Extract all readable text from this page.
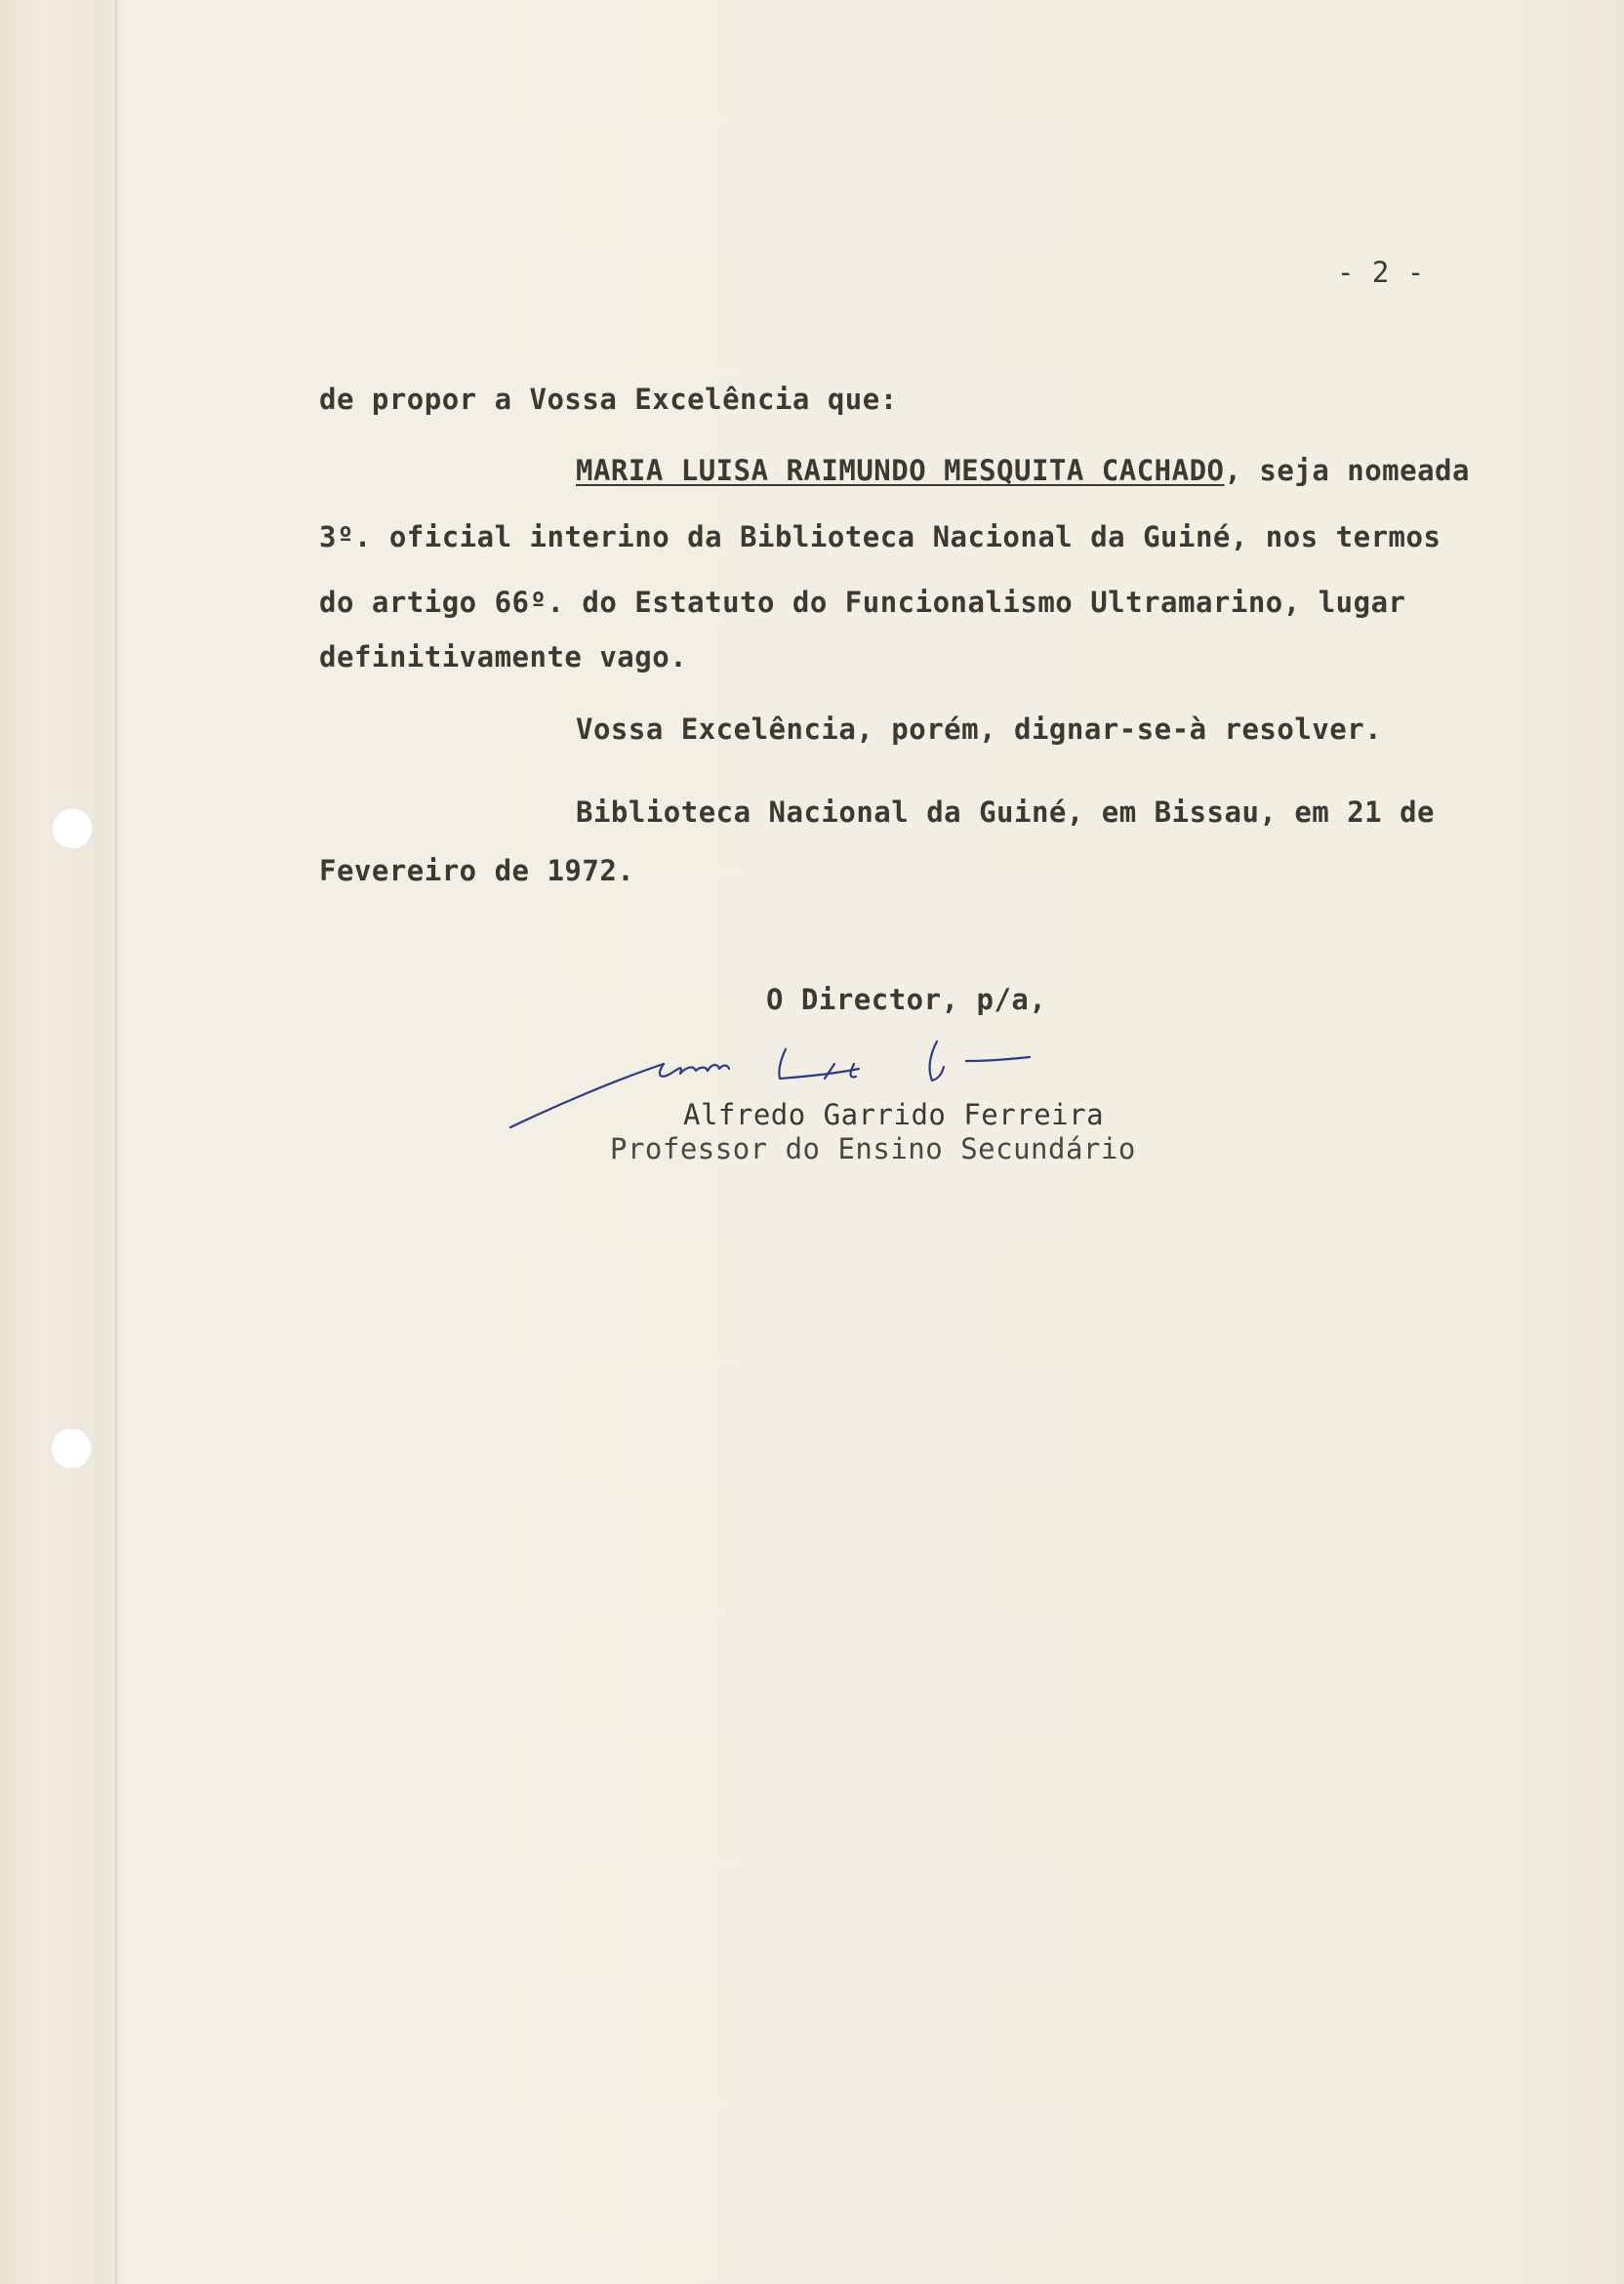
- 2 -
de propor a Vossa Excelência que:
MARIA LUISA RAIMUNDO MESQUITA CACHADO, seja nomeada
3º. oficial interino da Biblioteca Nacional da Guiné, nos termos
do artigo 66º. do Estatuto do Funcionalismo Ultramarino, lugar
definitivamente vago.
Vossa Excelência, porém, dignar-se-à resolver.
Biblioteca Nacional da Guiné, em Bissau, em 21 de
Fevereiro de 1972.
O Director, p/a,
Alfredo Garrido Ferreira
Professor do Ensino Secundário
